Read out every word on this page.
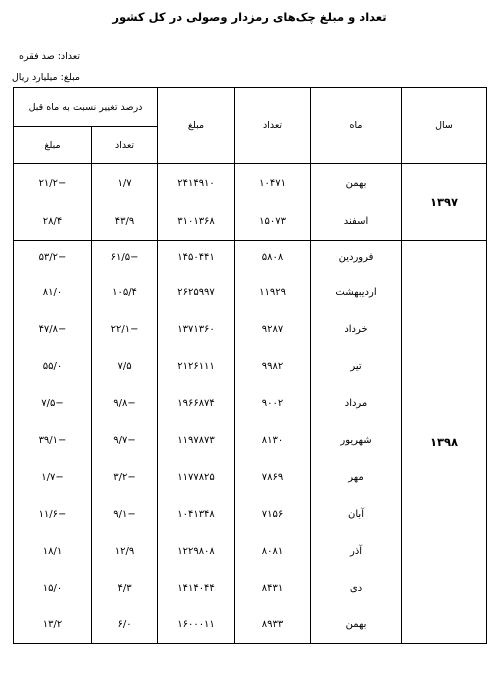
تعداد و مبلغ چک‌های رمزدار وصولی در کل کشور
تعداد: صد فقره
مبلغ: میلیارد ریال
سال	ماه	تعداد	مبلغ	درصد تغییر نسبت به ماه قبل	
				تعداد	مبلغ
۱۳۹۷	بهمن	۱۰۴۷۱	۲۴۱۴۹۱۰	۱/۷	−۲۱/۲
	اسفند	۱۵۰۷۳	۳۱۰۱۳۶۸	۴۳/۹	۲۸/۴
۱۳۹۸	فروردین	۵۸۰۸	۱۴۵۰۴۴۱	−۶۱/۵	−۵۳/۲
	اردیبهشت	۱۱۹۲۹	۲۶۲۵۹۹۷	۱۰۵/۴	۸۱/۰
	خرداد	۹۲۸۷	۱۳۷۱۳۶۰	−۲۲/۱	−۴۷/۸
	تیر	۹۹۸۲	۲۱۲۶۱۱۱	۷/۵	۵۵/۰
	مرداد	۹۰۰۲	۱۹۶۶۸۷۴	−۹/۸	−۷/۵
	شهریور	۸۱۳۰	۱۱۹۷۸۷۳	−۹/۷	−۳۹/۱
	مهر	۷۸۶۹	۱۱۷۷۸۲۵	−۳/۲	−۱/۷
	آبان	۷۱۵۶	۱۰۴۱۳۴۸	−۹/۱	−۱۱/۶
	آذر	۸۰۸۱	۱۲۲۹۸۰۸	۱۲/۹	۱۸/۱
	دی	۸۴۳۱	۱۴۱۴۰۴۴	۴/۳	۱۵/۰
	بهمن	۸۹۳۳	۱۶۰۰۰۱۱	۶/۰	۱۳/۲
